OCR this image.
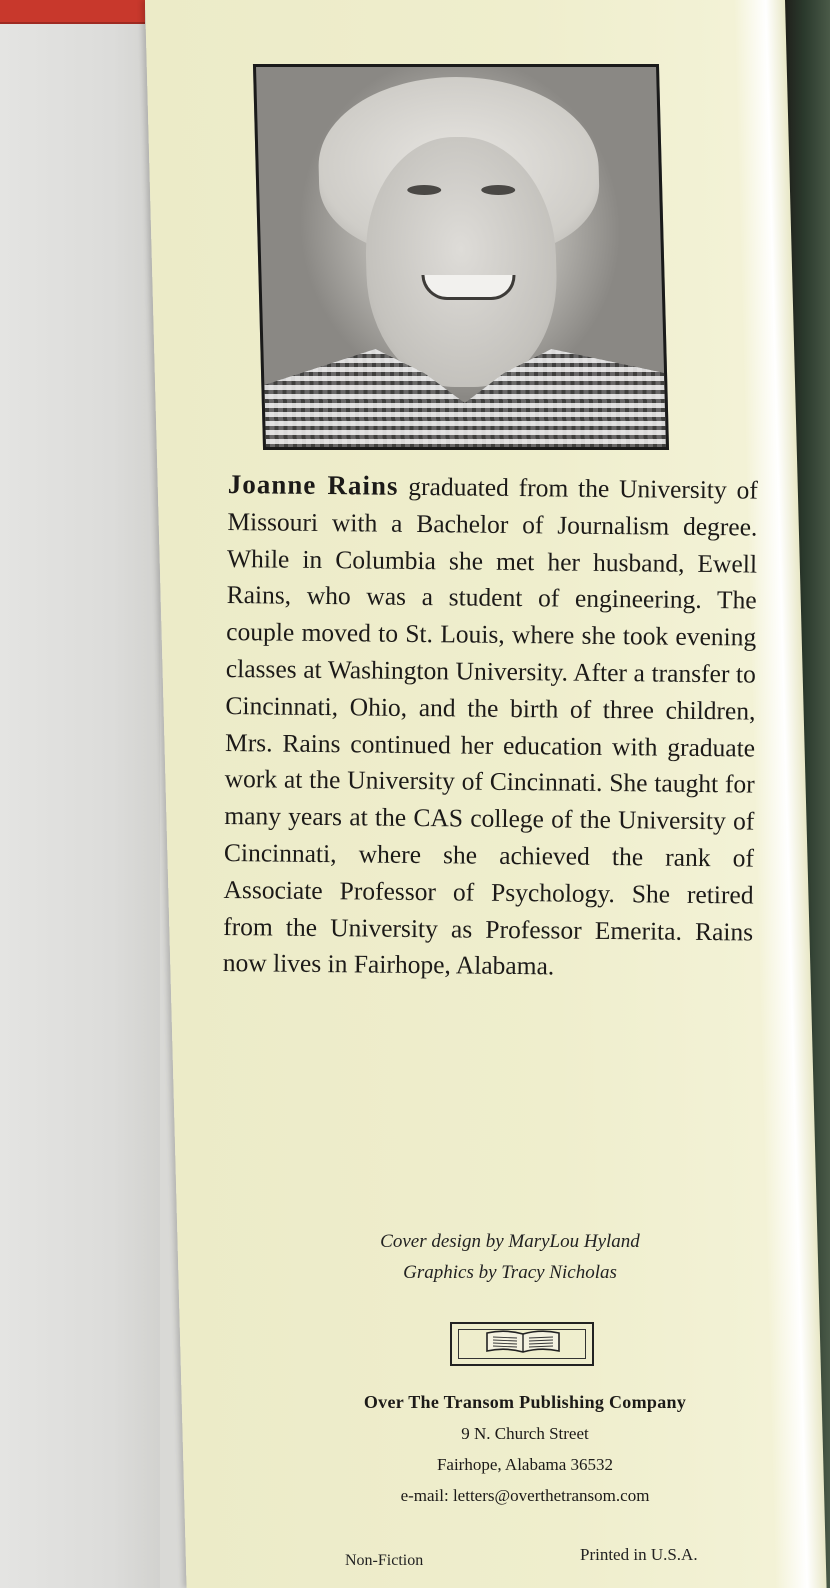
Joanne Rains graduated from the University of Missouri with a Bachelor of Journalism degree. While in Columbia she met her husband, Ewell Rains, who was a student of engineering. The couple moved to St. Louis, where she took evening classes at Washington University. After a transfer to Cincinnati, Ohio, and the birth of three children, Mrs. Rains continued her education with graduate work at the University of Cincinnati. She taught for many years at the CAS college of the University of Cincinnati, where she achieved the rank of Associate Professor of Psychology. She retired from the University as Professor Emerita. Rains now lives in Fairhope, Alabama.
Cover design by MaryLou Hyland
Graphics by Tracy Nicholas
Over The Transom Publishing Company
9 N. Church Street
Fairhope, Alabama 36532
e-mail: letters@overthetransom.com
Non-Fiction	Printed in U.S.A.
